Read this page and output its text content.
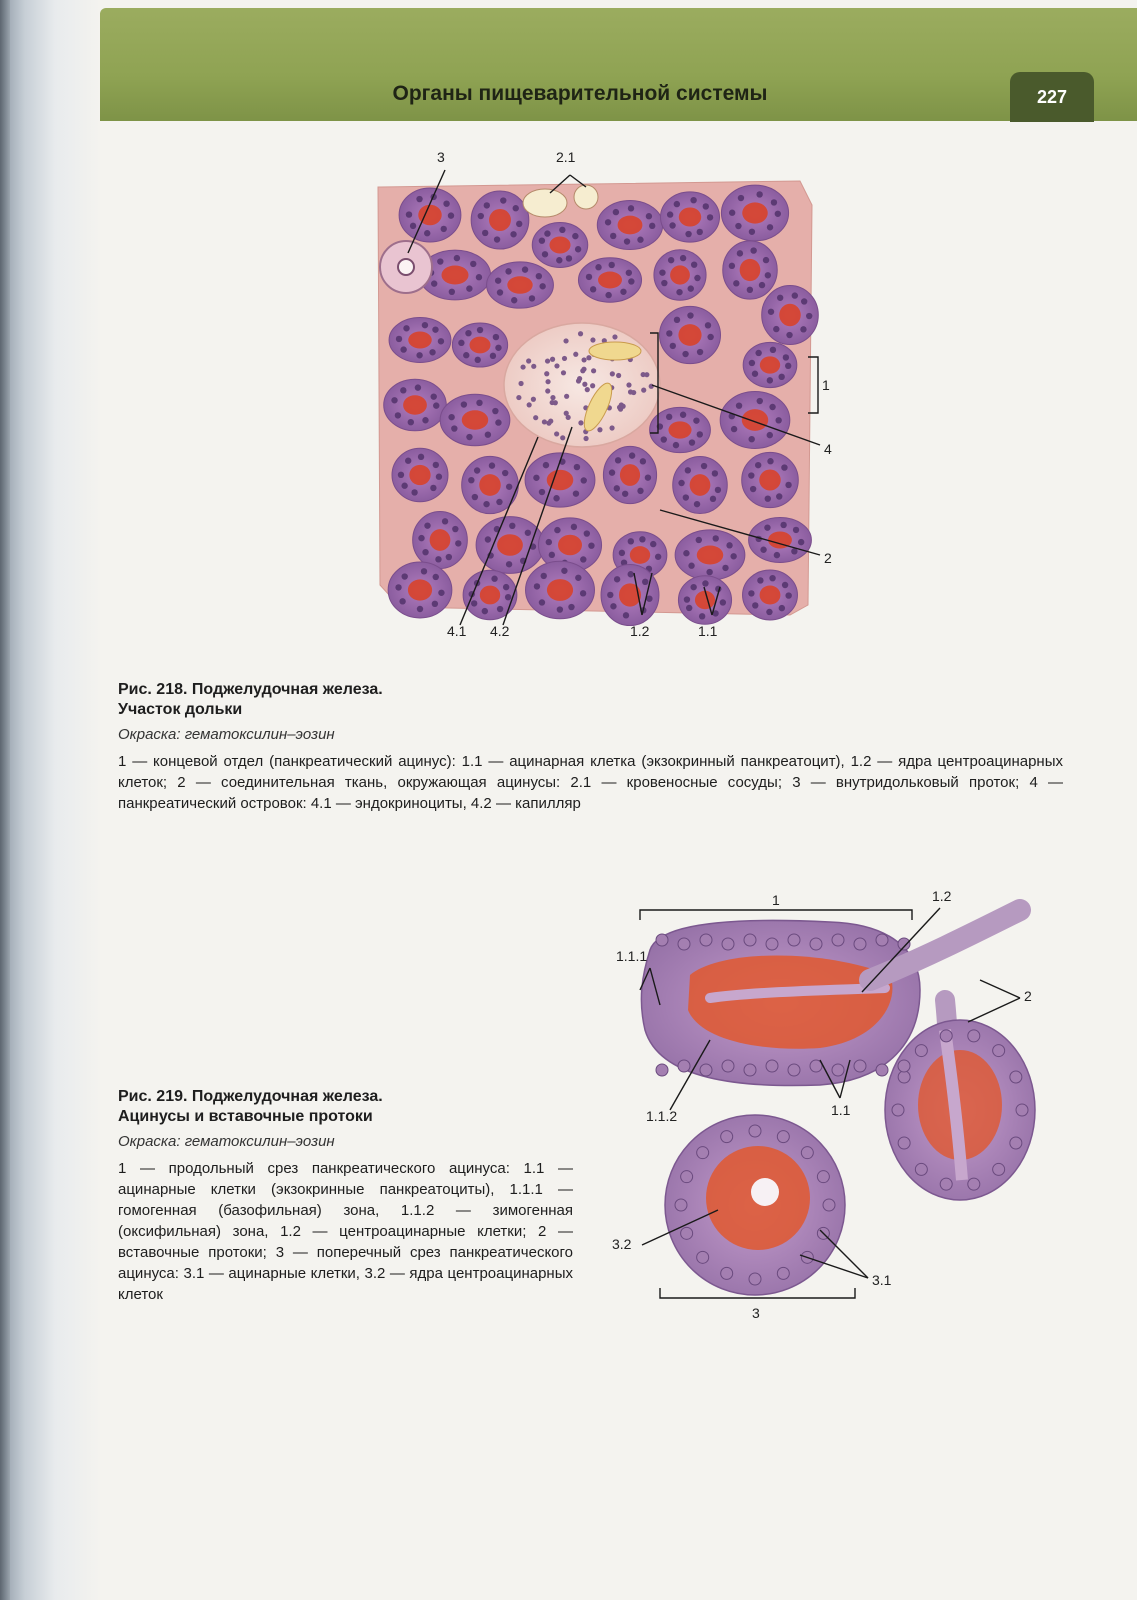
Органы пищеварительной системы	227
3	2.1
1
4
2
4.1 4.2	1.2	1.1
Рис. 218. Поджелудочная железа.
Участок дольки
Окраска: гематоксилин–эозин
1 — концевой отдел (панкреатический ацинус): 1.1 — ацинарная клетка (экзокринный панкреатоцит), 1.2 — ядра центроацинарных клеток; 2 — соединительная ткань, окружающая ацинусы: 2.1 — кровеносные сосуды; 3 — внутридольковый проток; 4 — панкреатический островок: 4.1 — эндокриноциты, 4.2 — капилляр
1	1.2
1.1.1
2
1.1.2	1.1
3.2
3.1
3
Рис. 219. Поджелудочная железа.
Ацинусы и вставочные протоки
Окраска: гематоксилин–эозин
1 — продольный срез панкреатического ацинуса: 1.1 — ацинарные клетки (экзокринные панкреатоциты), 1.1.1 — гомогенная (базофильная) зона, 1.1.2 — зимогенная (оксифильная) зона, 1.2 — центроацинарные клетки; 2 — вставочные протоки; 3 — поперечный срез панкреатического ацинуса: 3.1 — ацинарные клетки, 3.2 — ядра центроацинарных клеток
